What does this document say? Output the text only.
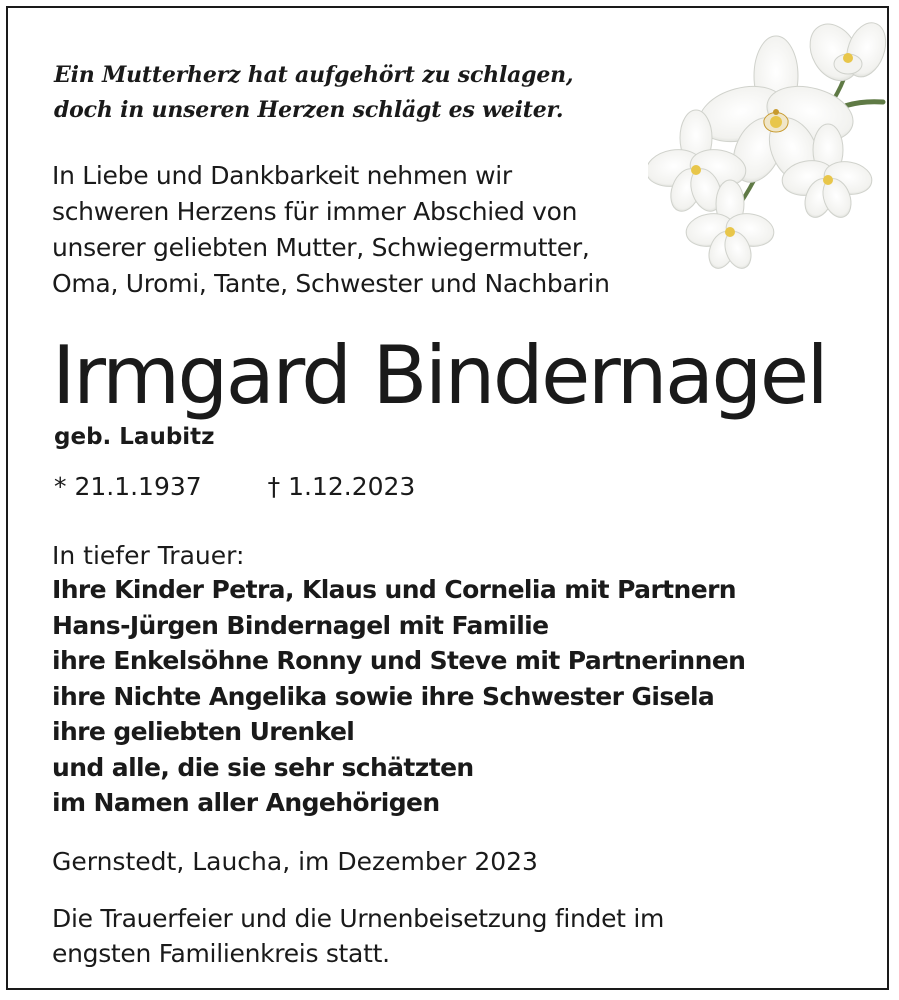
Ein Mutterherz hat aufgehört zu schlagen,
doch in unseren Herzen schlägt es weiter.
In Liebe und Dankbarkeit nehmen wir
schweren Herzens für immer Abschied von
unserer geliebten Mutter, Schwiegermutter,
Oma, Uromi, Tante, Schwester und Nachbarin
Irmgard Bindernagel
geb. Laubitz
* 21.1.1937	† 1.12.2023
In tiefer Trauer:
Ihre Kinder Petra, Klaus und Cornelia mit Partnern
Hans-Jürgen Bindernagel mit Familie
ihre Enkelsöhne Ronny und Steve mit Partnerinnen
ihre Nichte Angelika sowie ihre Schwester Gisela
ihre geliebten Urenkel
und alle, die sie sehr schätzten
im Namen aller Angehörigen
Gernstedt, Laucha, im Dezember 2023
Die Trauerfeier und die Urnenbeisetzung findet im
engsten Familienkreis statt.
